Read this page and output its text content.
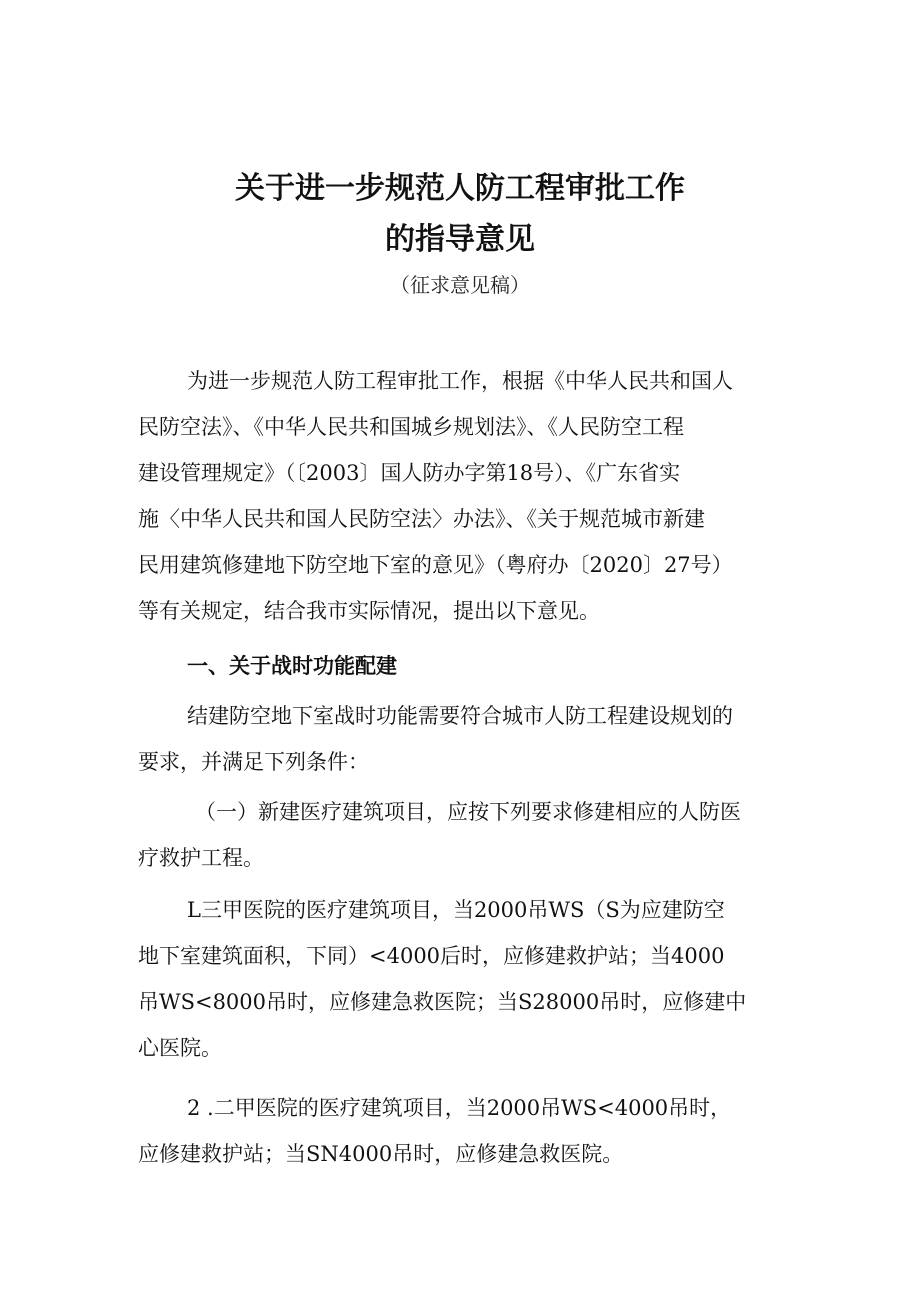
关于进一步规范人防工程审批工作
的指导意见
（征求意见稿）

为进一步规范人防工程审批工作，根据《中华人民共和国人

民防空法》、《中华人民共和国城乡规划法》、《人民防空工程

建设管理规定》（〔2003〕国人防办字第18号）、《广东省实

施〈中华人民共和国人民防空法〉办法》、《关于规范城市新建

民用建筑修建地下防空地下室的意见》（粤府办〔2020〕27号）

等有关规定，结合我市实际情况，提出以下意见。

一、关于战时功能配建

结建防空地下室战时功能需要符合城市人防工程建设规划的

要求，并满足下列条件：

（一）新建医疗建筑项目，应按下列要求修建相应的人防医

疗救护工程。

L三甲医院的医疗建筑项目，当2000吊WS（S为应建防空

地下室建筑面积，下同）<4000后时，应修建救护站；当4000

吊WS<8000吊时，应修建急救医院；当S28000吊时，应修建中

心医院。

2 .二甲医院的医疗建筑项目，当2000吊WS<4000吊时，

应修建救护站；当SN4000吊时，应修建急救医院。
